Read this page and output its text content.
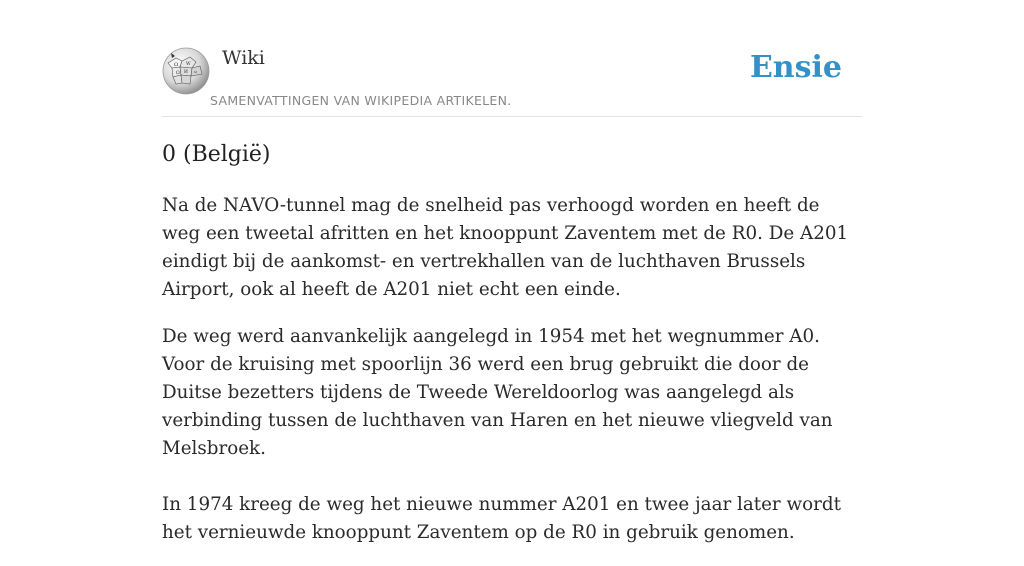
Ω W
Ω И ω
Wiki
SAMENVATTINGEN VAN WIKIPEDIA ARTIKELEN.
Ensie
0 (België)

Na de NAVO-tunnel mag de snelheid pas verhoogd worden en heeft de weg een tweetal afritten en het knooppunt Zaventem met de R0. De A201 eindigt bij de aankomst- en vertrekhallen van de luchthaven Brussels Airport, ook al heeft de A201 niet echt een einde.

De weg werd aanvankelijk aangelegd in 1954 met het wegnummer A0. Voor de kruising met spoorlijn 36 werd een brug gebruikt die door de Duitse bezetters tijdens de Tweede Wereldoorlog was aangelegd als verbinding tussen de luchthaven van Haren en het nieuwe vliegveld van Melsbroek.

In 1974 kreeg de weg het nieuwe nummer A201 en twee jaar later wordt het vernieuwde knooppunt Zaventem op de R0 in gebruik genomen.
